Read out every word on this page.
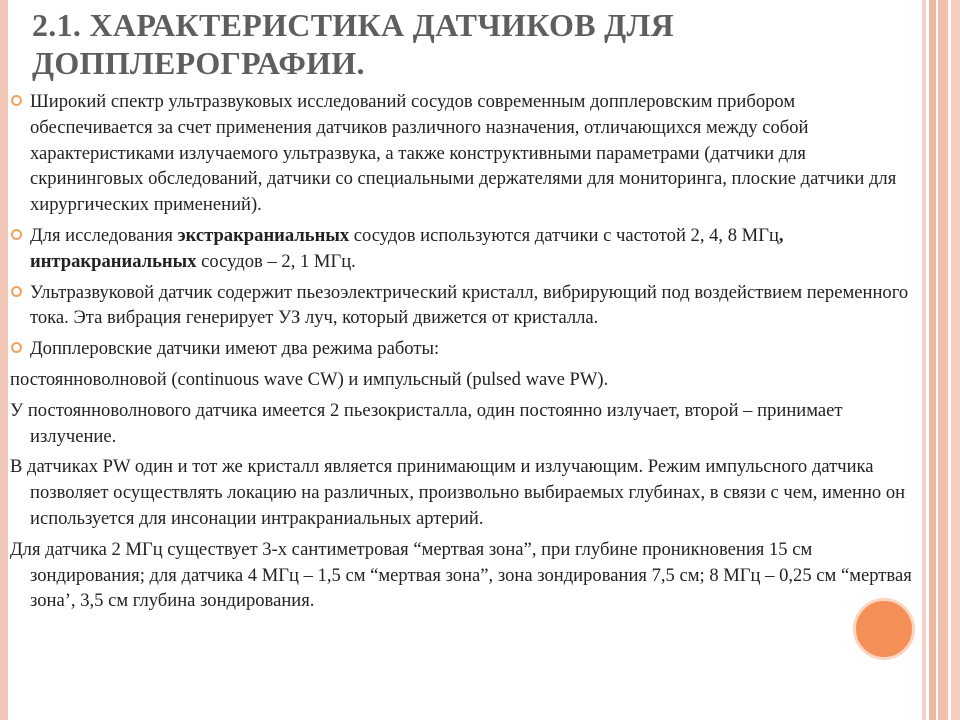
2.1. ХАРАКТЕРИСТИКА ДАТЧИКОВ ДЛЯ ДОППЛЕРОГРАФИИ.

Широкий спектр ультразвуковых исследований сосудов современным допплеровским прибором обеспечивается за счет применения датчиков различного назначения, отличающихся между собой характеристиками излучаемого ультразвука, а также конструктивными параметрами (датчики для скрининговых обследований, датчики со специальными держателями для мониторинга, плоские датчики для хирургических применений).

Для исследования экстракраниальных сосудов используются датчики с частотой 2, 4, 8 МГц, интракраниальных сосудов – 2, 1 МГц.

Ультразвуковой датчик содержит пьезоэлектрический кристалл, вибрирующий под воздействием переменного тока. Эта вибрация генерирует УЗ луч, который движется от кристалла.

Допплеровские датчики имеют два режима работы:

постоянноволновой (continuous wave CW) и импульсный (pulsed wave PW).

У постоянноволнового датчика имеется 2 пьезокристалла, один постоянно излучает, второй – принимает излучение.

В датчиках PW один и тот же кристалл является принимающим и излучающим. Режим импульсного датчика позволяет осуществлять локацию на различных, произвольно выбираемых глубинах, в связи с чем, именно он используется для инсонации интракраниальных артерий.

Для датчика 2 МГц существует 3-х сантиметровая “мертвая зона”, при глубине проникновения 15 см зондирования; для датчика 4 МГц – 1,5 см “мертвая зона”, зона зондирования 7,5 см; 8 МГц – 0,25 см “мертвая зона’, 3,5 см глубина зондирования.
